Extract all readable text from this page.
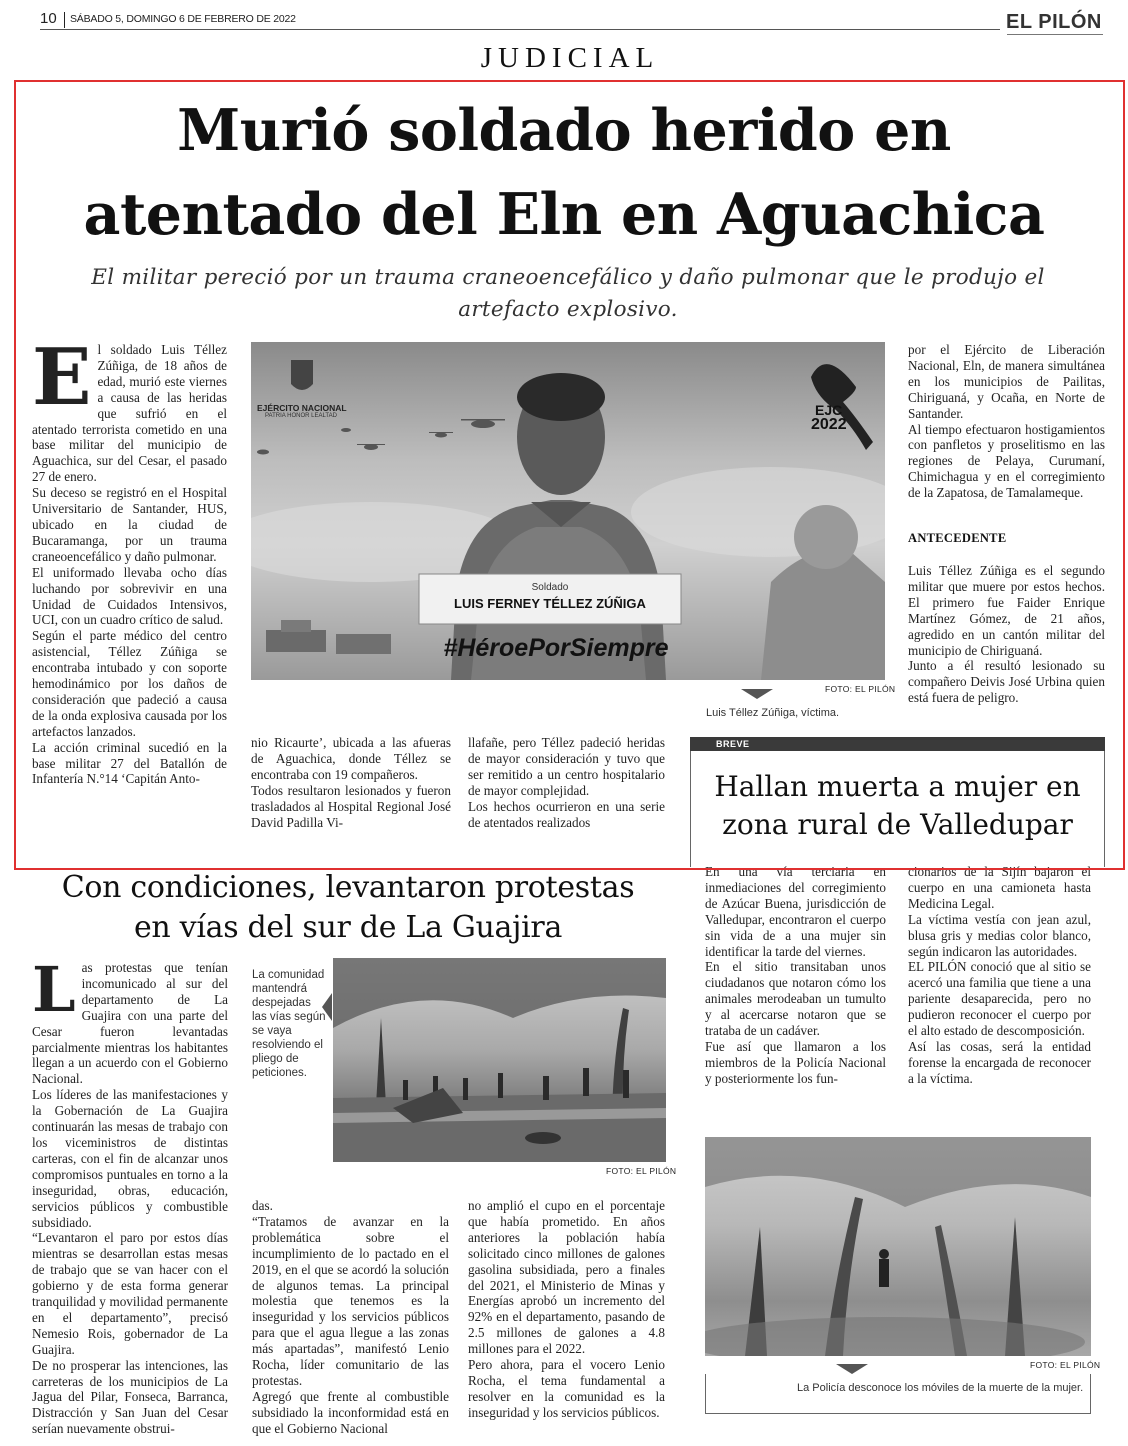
10 SÁBADO 5, DOMINGO 6 DE FEBRERO DE 2022	EL PILÓN
JUDICIAL
Murió soldado herido en
atentado del Eln en Aguachica
El militar pereció por un trauma craneoencefálico y daño pulmonar que le produjo el
artefacto explosivo.
E l soldado Luis Téllez Zúñiga, de 18 años de edad, murió este viernes a causa de las heridas que sufrió en el atentado terrorista cometido en una base militar del municipio de Aguachica, sur del Cesar, el pasado 27 de enero.

Su deceso se registró en el Hospital Universitario de Santander, HUS, ubicado en la ciudad de Bucaramanga, por un trauma craneoencefálico y daño pulmonar.

El uniformado llevaba ocho días luchando por sobrevivir en una Unidad de Cuidados Intensivos, UCI, con un cuadro crítico de salud.

Según el parte médico del centro asistencial, Téllez Zúñiga se encontraba intubado y con soporte hemodinámico por los daños de consideración que padeció a causa de la onda explosiva causada por los artefactos lanzados.

La acción criminal sucedió en la base militar 27 del Batallón de Infantería N.°14 ‘Capitán Anto-

EJÉRCITO NACIONAL
PATRIA HONOR LEALTAD	EJC
2022
Soldado
LUIS FERNEY TÉLLEZ ZÚÑIGA
#HéroePorSiempre
FOTO: EL PILÓN
Luis Téllez Zúñiga, víctima.

nio Ricaurte’, ubicada a las afueras de Aguachica, donde Téllez se encontraba con 19 compañeros.

Todos resultaron lesionados y fueron trasladados al Hospital Regional José David Padilla Vi-

llafañe, pero Téllez padeció heridas de mayor consideración y tuvo que ser remitido a un centro hospitalario de mayor complejidad.

Los hechos ocurrieron en una serie de atentados realizados

por el Ejército de Liberación Nacional, Eln, de manera simultánea en los municipios de Pailitas, Chiriguaná, y Ocaña, en Norte de Santander.

Al tiempo efectuaron hostigamientos con panfletos y proselitismo en las regiones de Pelaya, Curumaní, Chimichagua y en el corregimiento de la Zapatosa, de Tamalameque.

ANTECEDENTE

Luis Téllez Zúñiga es el segundo militar que muere por estos hechos. El primero fue Faider Enrique Martínez Gómez, de 21 años, agredido en un cantón militar del municipio de Chiriguaná.

Junto a él resultó lesionado su compañero Deivis José Urbina quien está fuera de peligro.

BREVE
Hallan muerta a mujer en
zona rural de Valledupar

En una vía terciaria en inmediaciones del corregimiento de Azúcar Buena, jurisdicción de Valledupar, encontraron el cuerpo sin vida de a una mujer sin identificar la tarde del viernes.

En el sitio transitaban unos ciudadanos que notaron cómo los animales merodeaban un tumulto y al acercarse notaron que se trataba de un cadáver.

Fue así que llamaron a los miembros de la Policía Nacional y posteriormente los fun-

cionarios de la Sijín bajaron el cuerpo en una camioneta hasta Medicina Legal.

La víctima vestía con jean azul, blusa gris y medias color blanco, según indicaron las autoridades.

EL PILÓN conoció que al sitio se acercó una familia que tiene a una pariente desaparecida, pero no pudieron reconocer el cuerpo por el alto estado de descomposición.

Así las cosas, será la entidad forense la encargada de reconocer a la víctima.

FOTO: EL PILÓN
La Policía desconoce los móviles de la muerte de la mujer.
Con condiciones, levantaron protestas
en vías del sur de La Guajira
L as protestas que tenían incomunicado al sur del departamento de La Guajira con una parte del Cesar fueron levantadas parcialmente mientras los habitantes llegan a un acuerdo con el Gobierno Nacional.

Los líderes de las manifestaciones y la Gobernación de La Guajira continuarán las mesas de trabajo con los viceministros de distintas carteras, con el fin de alcanzar unos compromisos puntuales en torno a la inseguridad, obras, educación, servicios públicos y combustible subsidiado.

“Levantaron el paro por estos días mientras se desarrollan estas mesas de trabajo que se van hacer con el gobierno y de esta forma generar tranquilidad y movilidad permanente en el departamento”, precisó Nemesio Rois, gobernador de La Guajira.

De no prosperar las intenciones, las carreteras de los municipios de La Jagua del Pilar, Fonseca, Barranca, Distracción y San Juan del Cesar serían nuevamente obstrui-

La comunidad mantendrá despejadas las vías según se vaya resolviendo el pliego de peticiones.
FOTO: EL PILÓN

das.

“Tratamos de avanzar en la problemática sobre el incumplimiento de lo pactado en el 2019, en el que se acordó la solución de algunos temas. La principal molestia que tenemos es la inseguridad y los servicios públicos para que el agua llegue a las zonas más apartadas”, manifestó Lenio Rocha, líder comunitario de las protestas.

Agregó que frente al combustible subsidiado la inconformidad está en que el Gobierno Nacional

no amplió el cupo en el porcentaje que había prometido. En años anteriores la población había solicitado cinco millones de galones gasolina subsidiada, pero a finales del 2021, el Ministerio de Minas y Energías aprobó un incremento del 92% en el departamento, pasando de 2.5 millones de galones a 4.8 millones para el 2022.

Pero ahora, para el vocero Lenio Rocha, el tema fundamental a resolver en la comunidad es la inseguridad y los servicios públicos.
